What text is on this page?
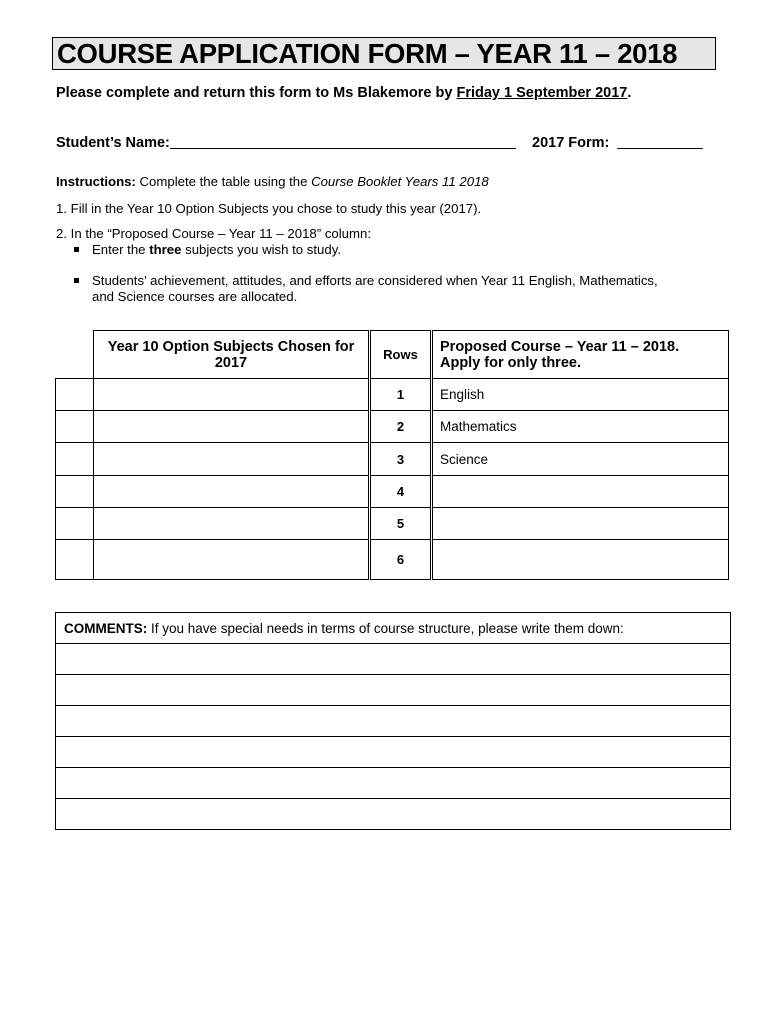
COURSE APPLICATION FORM – YEAR 11 – 2018
Please complete and return this form to Ms Blakemore by Friday 1 September 2017.
Student’s Name:	2017 Form:
Instructions: Complete the table using the Course Booklet Years 11 2018
1. Fill in the Year 10 Option Subjects you chose to study this year (2017).
2. In the “Proposed Course – Year 11 – 2018” column:
Enter the three subjects you wish to study.
Students’ achievement, attitudes, and efforts are considered when Year 11 English, Mathematics,
and Science courses are allocated.
	Year 10 Option Subjects Chosen for 2017	Rows	Proposed Course – Year 11 – 2018.
Apply for only three.
		1	English
		2	Mathematics
		3	Science
		4	
		5	
		6	
COMMENTS: If you have special needs in terms of course structure, please write them down:
